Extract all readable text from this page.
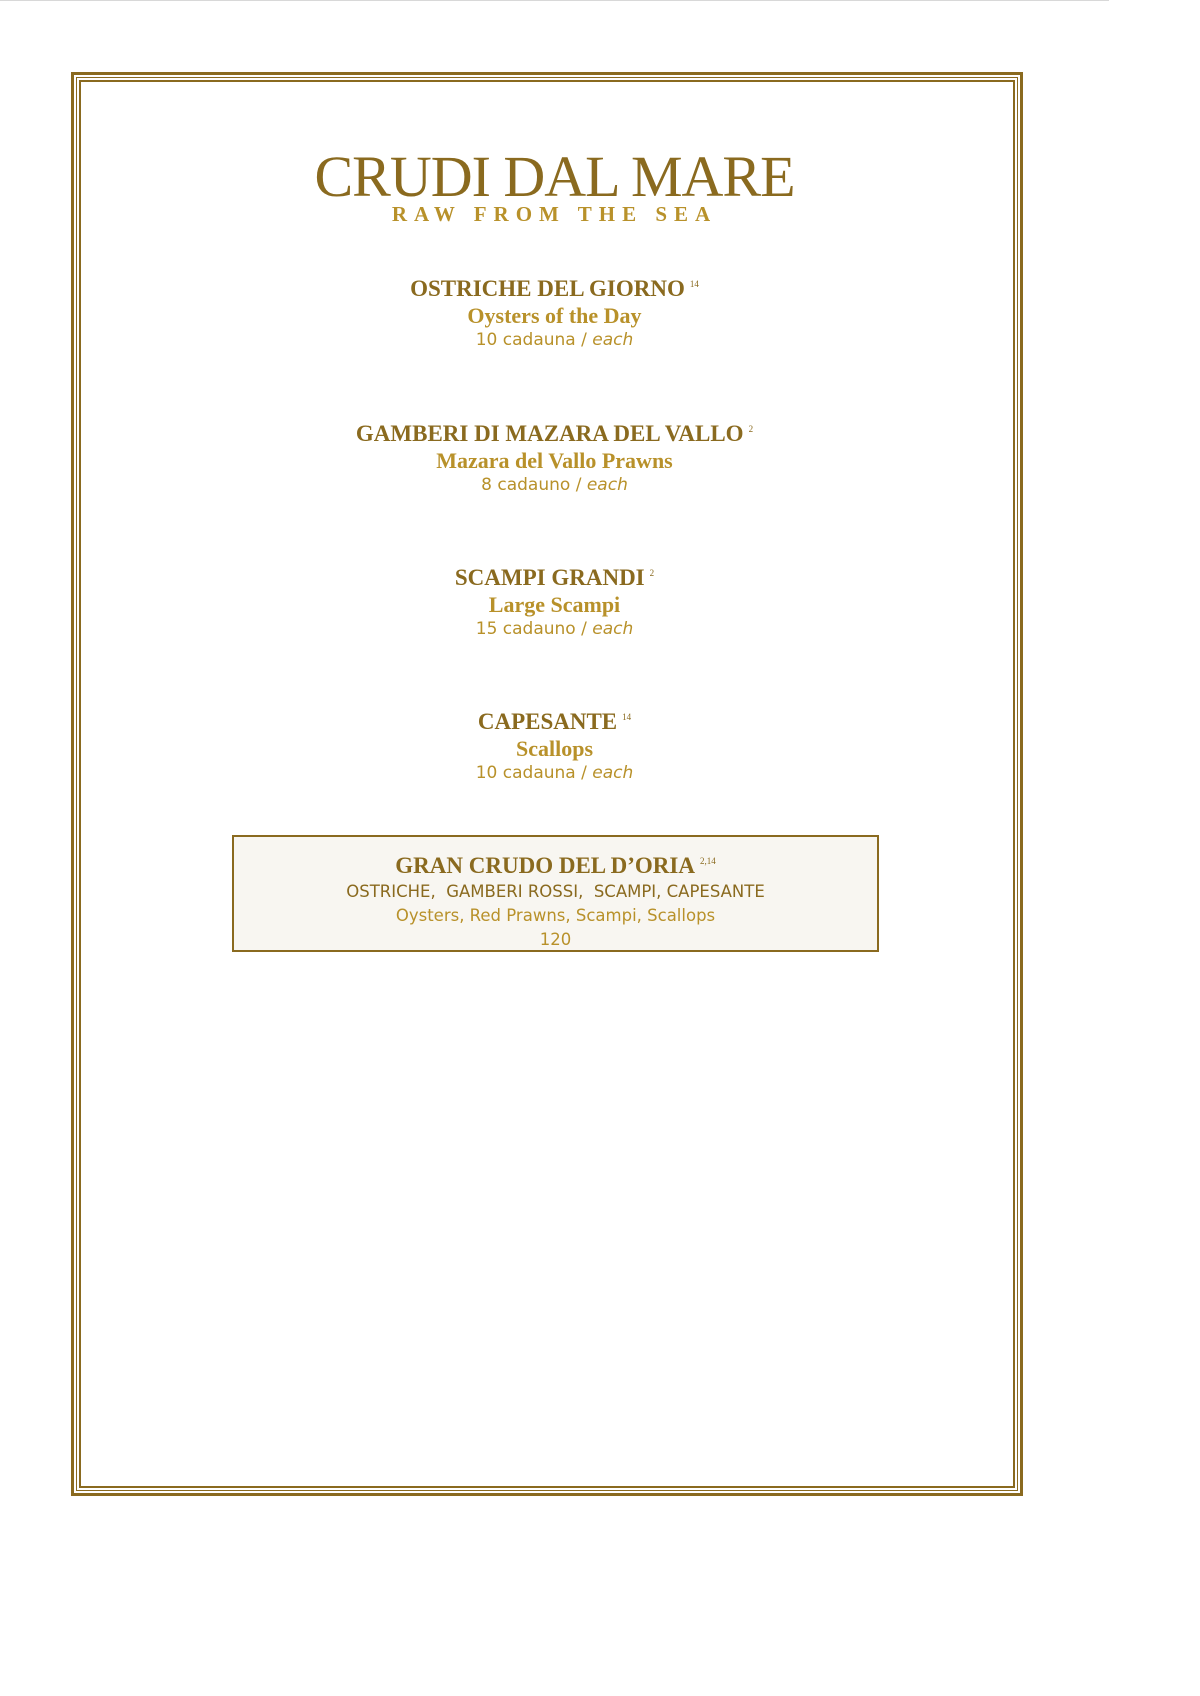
CRUDI DAL MARE
RAW FROM THE SEA
OSTRICHE DEL GIORNO $^{14}$
Oysters of the Day
10 cadauna / each
GAMBERI DI MAZARA DEL VALLO $^2$
Mazara del Vallo Prawns
8 cadauno / each
SCAMPI GRANDI $^2$
Large Scampi
15 cadauno / each
CAPESANTE $^{14}$
Scallops
10 cadauna / each
GRAN CRUDO DEL D’ORIA $^{2,14}$
OSTRICHE,  GAMBERI ROSSI,  SCAMPI, CAPESANTE
Oysters, Red Prawns, Scampi, Scallops
120
